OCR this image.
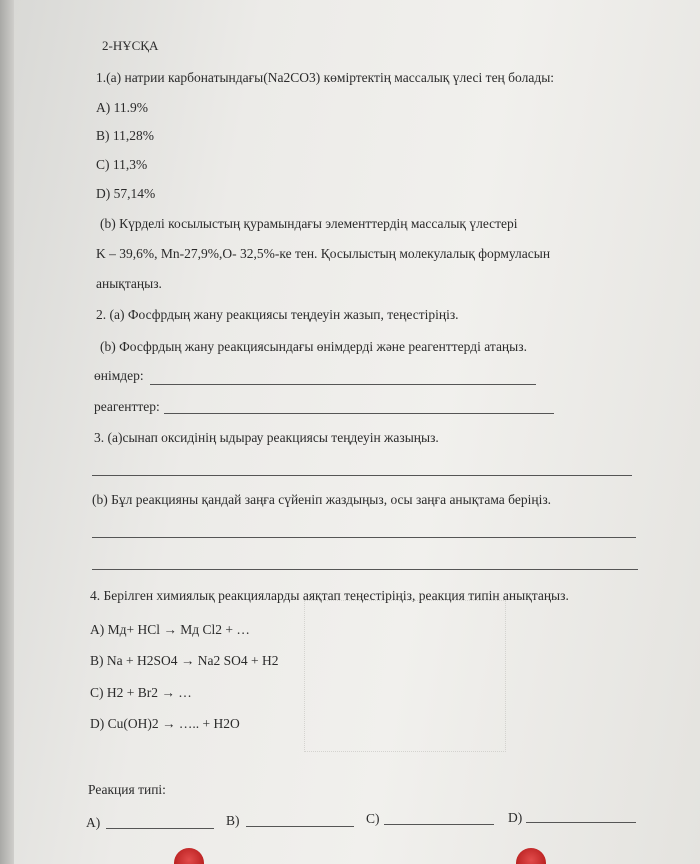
2-НҰСҚА
1.(a) натрии карбонатындағы(Na2CO3) көміртектің массалық үлесі тең болады:
A) 11.9%
B) 11,28%
C) 11,3%
D) 57,14%
(b) Күрделі косылыстың қурамындағы элементтердің массалық үлестері
K – 39,6%, Mn-27,9%,O- 32,5%-ке тен. Қосылыстың молекулалық формуласын
анықтаңыз.
2. (а) Фосфрдың жану реакциясы теңдеуін жазып, теңестіріңіз.
(b) Фосфрдың жану реакциясындағы өнімдерді және реагенттерді атаңыз.
өнімдер:
реагенттер:
3. (а)сынап оксидінің ыдырау реакциясы теңдеуін жазыңыз.
(b) Бұл реакцияны қандай заңға сүйеніп жаздыңыз, осы заңға анықтама беріңіз.
4. Берілген химиялық реакцияларды аяқтап теңестіріңіз, реакция типін анықтаңыз.
A) Мд+ HCl → Мд Cl2 + …
B) Na + H2SO4 → Na2 SO4 + H2
C) H2 + Br2 → …
D) Cu(OH)2 → ….. + H2O
Реакция типі:
A)	B)	C)	D)
